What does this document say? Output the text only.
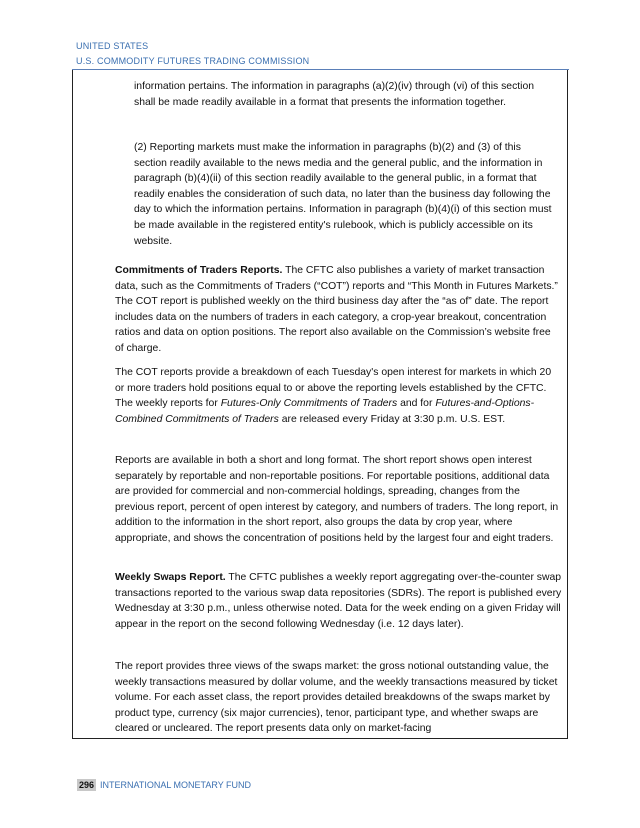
UNITED STATES
U.S. COMMODITY FUTURES TRADING COMMISSION

information pertains. The information in paragraphs (a)(2)(iv) through (vi) of this section shall be made readily available in a format that presents the information together.

(2) Reporting markets must make the information in paragraphs (b)(2) and (3) of this section readily available to the news media and the general public, and the information in paragraph (b)(4)(ii) of this section readily available to the general public, in a format that readily enables the consideration of such data, no later than the business day following the day to which the information pertains. Information in paragraph (b)(4)(i) of this section must be made available in the registered entity's rulebook, which is publicly accessible on its website.

Commitments of Traders Reports. The CFTC also publishes a variety of market transaction data, such as the Commitments of Traders (“COT”) reports and “This Month in Futures Markets.” The COT report is published weekly on the third business day after the “as of” date. The report includes data on the numbers of traders in each category, a crop-year breakout, concentration ratios and data on option positions. The report also available on the Commission’s website free of charge.

The COT reports provide a breakdown of each Tuesday's open interest for markets in which 20 or more traders hold positions equal to or above the reporting levels established by the CFTC. The weekly reports for Futures-Only Commitments of Traders and for Futures-and-Options-Combined Commitments of Traders are released every Friday at 3:30 p.m. U.S. EST.

Reports are available in both a short and long format. The short report shows open interest separately by reportable and non-reportable positions. For reportable positions, additional data are provided for commercial and non-commercial holdings, spreading, changes from the previous report, percent of open interest by category, and numbers of traders. The long report, in addition to the information in the short report, also groups the data by crop year, where appropriate, and shows the concentration of positions held by the largest four and eight traders.

Weekly Swaps Report. The CFTC publishes a weekly report aggregating over-the-counter swap transactions reported to the various swap data repositories (SDRs). The report is published every Wednesday at 3:30 p.m., unless otherwise noted. Data for the week ending on a given Friday will appear in the report on the second following Wednesday (i.e. 12 days later).

The report provides three views of the swaps market: the gross notional outstanding value, the weekly transactions measured by dollar volume, and the weekly transactions measured by ticket volume. For each asset class, the report provides detailed breakdowns of the swaps market by product type, currency (six major currencies), tenor, participant type, and whether swaps are cleared or uncleared. The report presents data only on market-facing

296 INTERNATIONAL MONETARY FUND
